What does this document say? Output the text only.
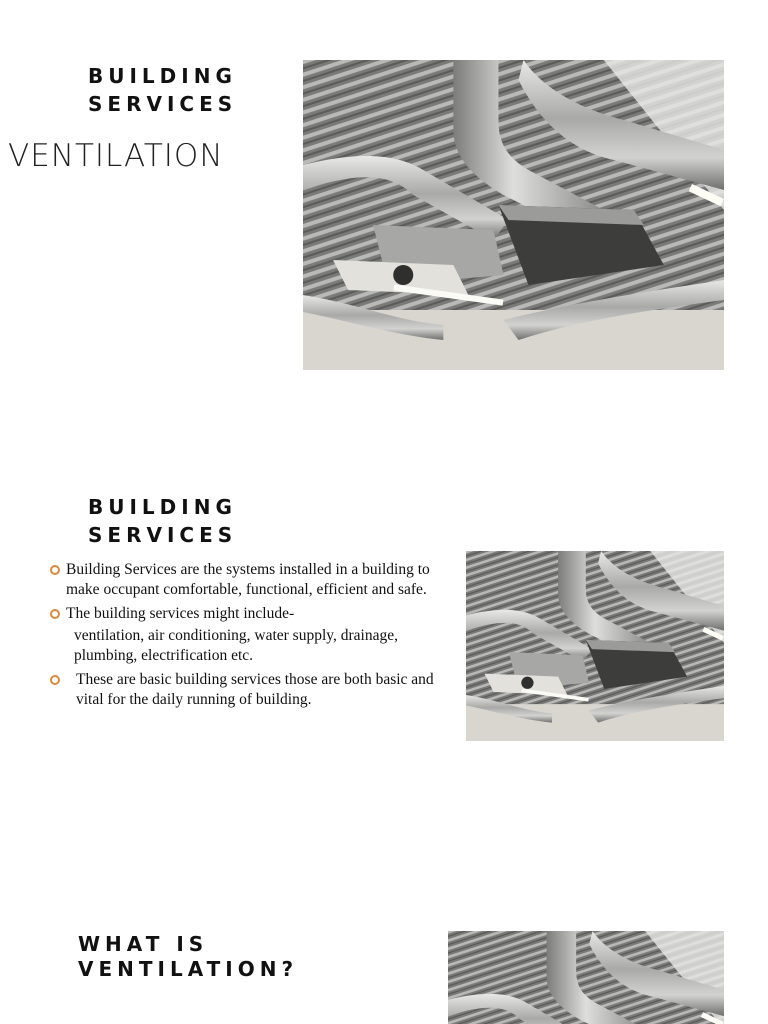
BUILDING
SERVICES

VENTILATION

BUILDING
SERVICES
Building Services are the systems installed in a building to make occupant comfortable, functional, efficient and safe.
The building services might include-
ventilation, air conditioning, water supply, drainage, plumbing, electrification etc.
These are basic building services those are both basic and vital for the daily running of building.
WHAT IS
VENTILATION?
